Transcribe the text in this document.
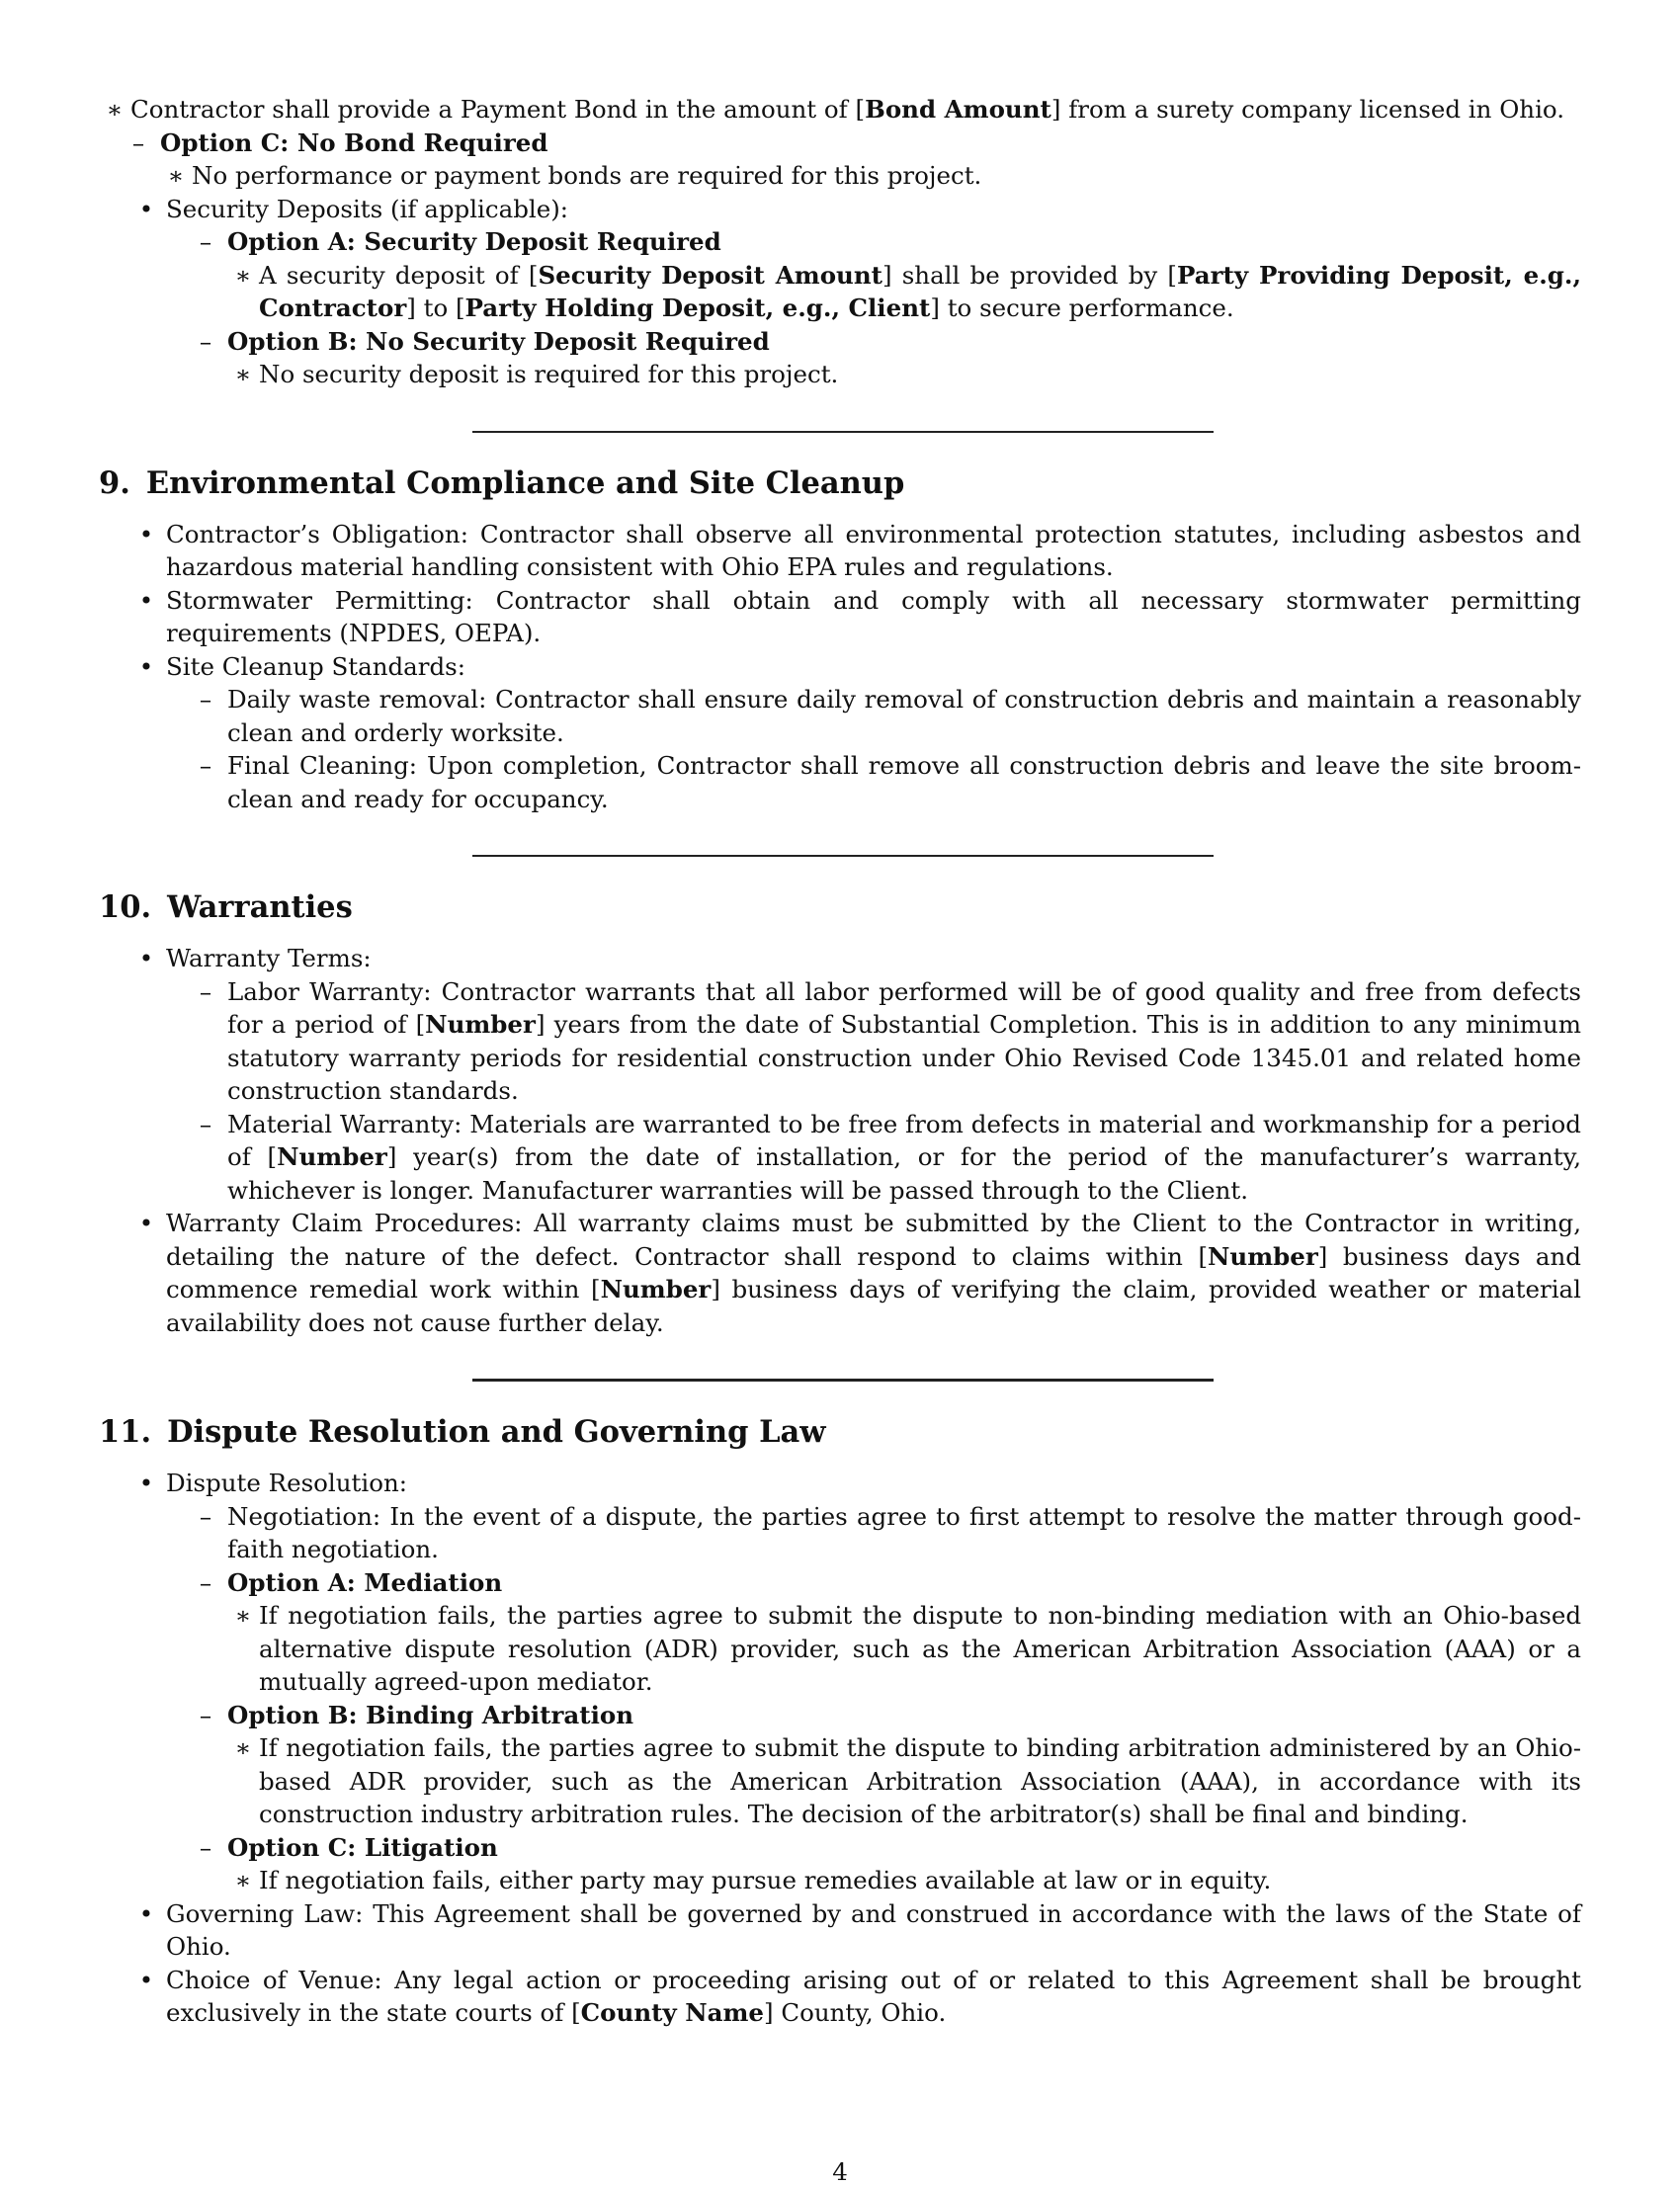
∗ Contractor shall provide a Payment Bond in the amount of [Bond Amount] from a surety company licensed in Ohio.
– Option C: No Bond Required
∗ No performance or payment bonds are required for this project.
• Security Deposits (if applicable):
– Option A: Security Deposit Required
∗ A security deposit of [Security Deposit Amount] shall be provided by [Party Providing Deposit, e.g., Contractor] to [Party Holding Deposit, e.g., Client] to secure performance.
– Option B: No Security Deposit Required
∗ No security deposit is required for this project.
9. Environmental Compliance and Site Cleanup
• Contractor’s Obligation: Contractor shall observe all environmental protection statutes, including asbestos and hazardous material handling consistent with Ohio EPA rules and regulations.
• Stormwater Permitting: Contractor shall obtain and comply with all necessary stormwater permitting requirements (NPDES, OEPA).
• Site Cleanup Standards:
– Daily waste removal: Contractor shall ensure daily removal of construction debris and maintain a reasonably clean and orderly worksite.
– Final Cleaning: Upon completion, Contractor shall remove all construction debris and leave the site broom-clean and ready for occupancy.
10. Warranties
• Warranty Terms:
– Labor Warranty: Contractor warrants that all labor performed will be of good quality and free from defects for a period of [Number] years from the date of Substantial Completion. This is in addition to any minimum statutory warranty periods for residential construction under Ohio Revised Code 1345.01 and related home construction standards.
– Material Warranty: Materials are warranted to be free from defects in material and workmanship for a period of [Number] year(s) from the date of installation, or for the period of the manufacturer’s warranty, whichever is longer. Manufacturer warranties will be passed through to the Client.
• Warranty Claim Procedures: All warranty claims must be submitted by the Client to the Contractor in writing, detailing the nature of the defect. Contractor shall respond to claims within [Number] business days and commence remedial work within [Number] business days of verifying the claim, provided weather or material availability does not cause further delay.
11. Dispute Resolution and Governing Law
• Dispute Resolution:
– Negotiation: In the event of a dispute, the parties agree to first attempt to resolve the matter through good-faith negotiation.
– Option A: Mediation
∗ If negotiation fails, the parties agree to submit the dispute to non-binding mediation with an Ohio-based alternative dispute resolution (ADR) provider, such as the American Arbitration Association (AAA) or a mutually agreed-upon mediator.
– Option B: Binding Arbitration
∗ If negotiation fails, the parties agree to submit the dispute to binding arbitration administered by an Ohio-based ADR provider, such as the American Arbitration Association (AAA), in accordance with its construction industry arbitration rules. The decision of the arbitrator(s) shall be final and binding.
– Option C: Litigation
∗ If negotiation fails, either party may pursue remedies available at law or in equity.
• Governing Law: This Agreement shall be governed by and construed in accordance with the laws of the State of Ohio.
• Choice of Venue: Any legal action or proceeding arising out of or related to this Agreement shall be brought exclusively in the state courts of [County Name] County, Ohio.
4
